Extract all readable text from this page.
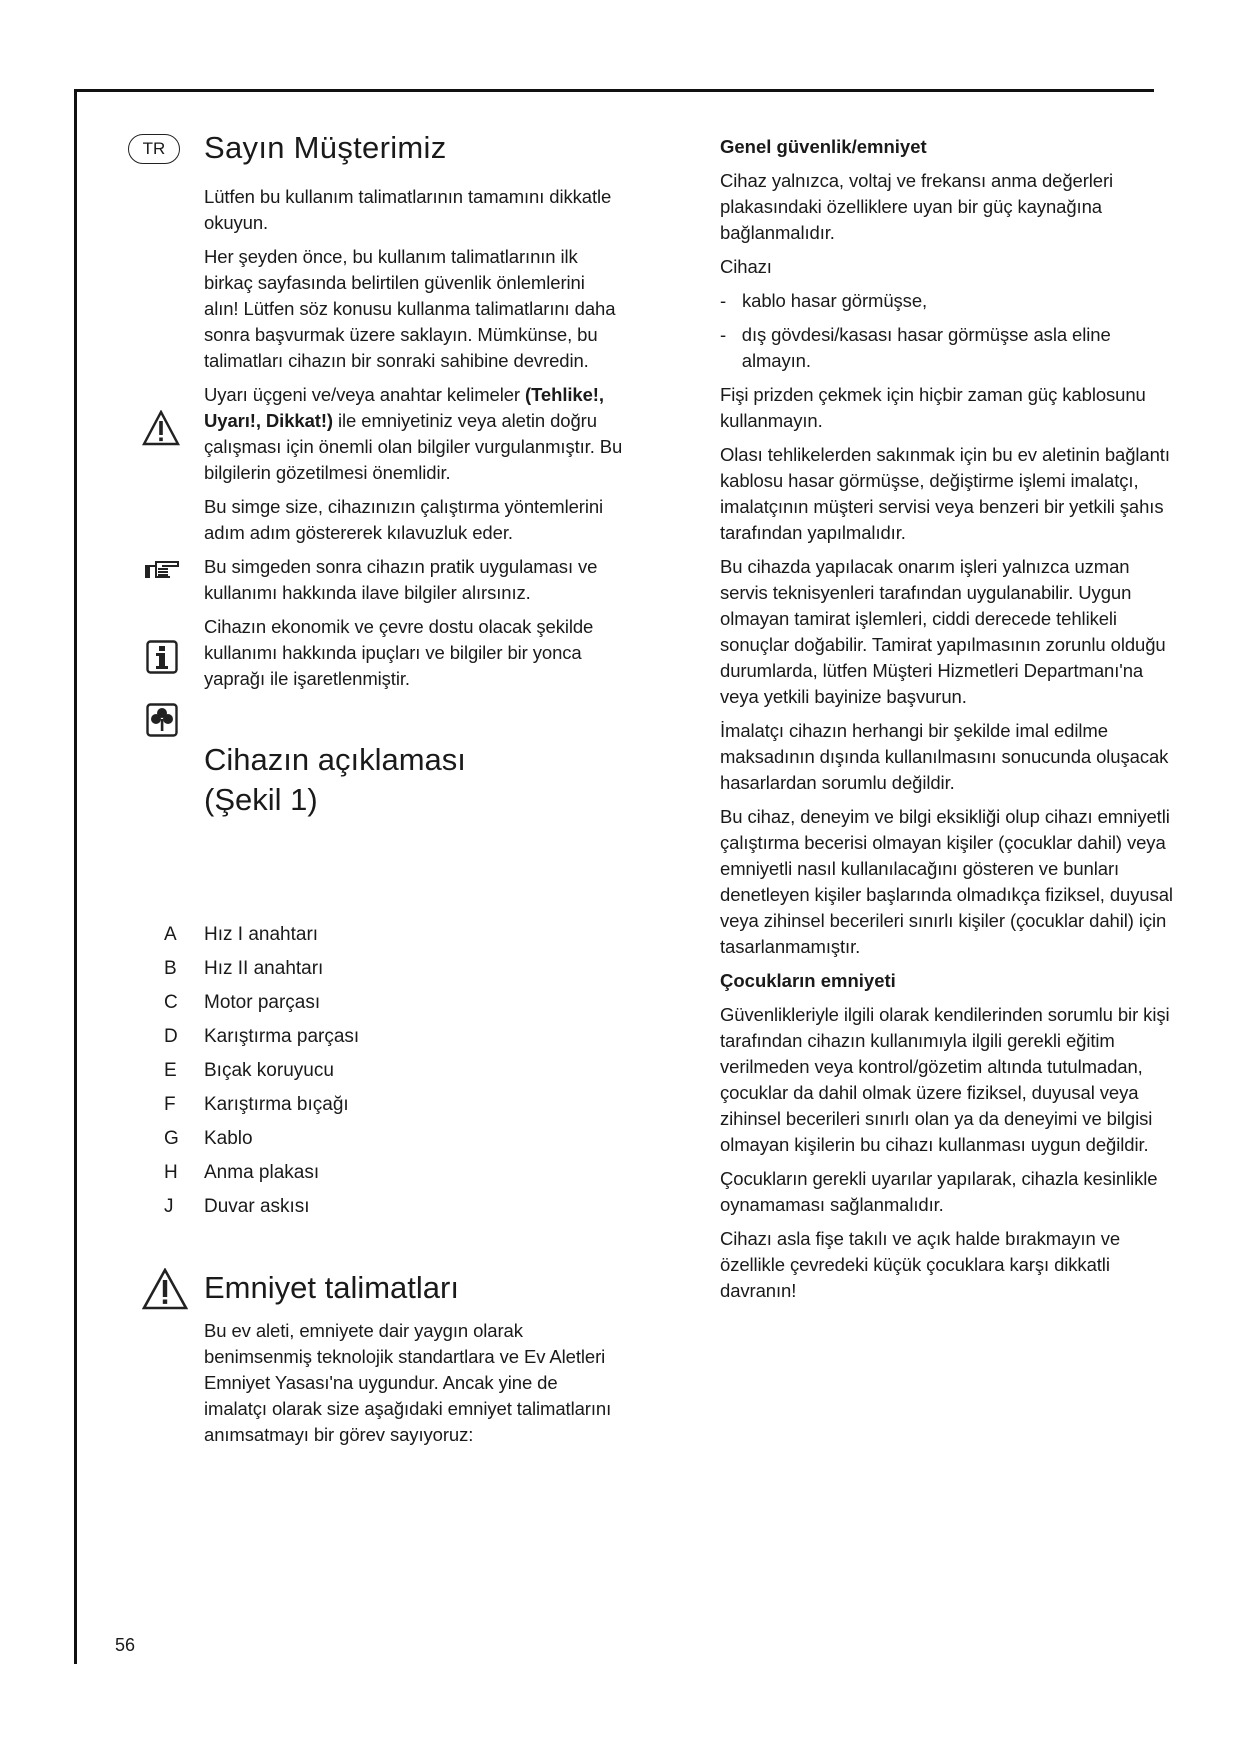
TR	Sayın Müşterimiz

Lütfen bu kullanım talimatlarının tamamını dikkatle okuyun.

Her şeyden önce, bu kullanım talimatlarının ilk birkaç sayfasında belirtilen güvenlik önlemlerini alın! Lütfen söz konusu kullanma talimatlarını daha sonra başvurmak üzere saklayın. Mümkünse, bu talimatları cihazın bir sonraki sahibine devredin.

Uyarı üçgeni ve/veya anahtar kelimeler (Tehlike!, Uyarı!, Dikkat!) ile emniyetiniz veya aletin doğru çalışması için önemli olan bilgiler vurgulanmıştır. Bu bilgilerin gözetilmesi önemlidir.

Bu simge size, cihazınızın çalıştırma yöntemlerini adım adım göstererek kılavuzluk eder.

Bu simgeden sonra cihazın pratik uygulaması ve kullanımı hakkında ilave bilgiler alırsınız.

Cihazın ekonomik ve çevre dostu olacak şekilde kullanımı hakkında ipuçları ve bilgiler bir yonca yaprağı ile işaretlenmiştir.

Cihazın açıklaması
(Şekil 1)
A	Hız I anahtarı
B	Hız II anahtarı
C	Motor parçası
D	Karıştırma parçası
E	Bıçak koruyucu
F	Karıştırma bıçağı
G	Kablo
H	Anma plakası
J	Duvar askısı
Emniyet talimatları

Bu ev aleti, emniyete dair yaygın olarak benimsenmiş teknolojik standartlara ve Ev Aletleri Emniyet Yasası'na uygundur. Ancak yine de imalatçı olarak size aşağıdaki emniyet talimatlarını anımsatmayı bir görev sayıyoruz:

Genel güvenlik/emniyet

Cihaz yalnızca, voltaj ve frekansı anma değerleri plakasındaki özelliklere uyan bir güç kaynağına bağlanmalıdır.

Cihazı

- kablo hasar görmüşse,
- dış gövdesi/kasası hasar görmüşse asla eline almayın.

Fişi prizden çekmek için hiçbir zaman güç kablosunu kullanmayın.

Olası tehlikelerden sakınmak için bu ev aletinin bağlantı kablosu hasar görmüşse, değiştirme işlemi imalatçı, imalatçının müşteri servisi veya benzeri bir yetkili şahıs tarafından yapılmalıdır.

Bu cihazda yapılacak onarım işleri yalnızca uzman servis teknisyenleri tarafından uygulanabilir. Uygun olmayan tamirat işlemleri, ciddi derecede tehlikeli sonuçlar doğabilir. Tamirat yapılmasının zorunlu olduğu durumlarda, lütfen Müşteri Hizmetleri Departmanı'na veya yetkili bayinize başvurun.

İmalatçı cihazın herhangi bir şekilde imal edilme maksadının dışında kullanılmasını sonucunda oluşacak hasarlardan sorumlu değildir.

Bu cihaz, deneyim ve bilgi eksikliği olup cihazı emniyetli çalıştırma becerisi olmayan kişiler (çocuklar dahil) veya emniyetli nasıl kullanılacağını gösteren ve bunları denetleyen kişiler başlarında olmadıkça fiziksel, duyusal veya zihinsel becerileri sınırlı kişiler (çocuklar dahil) için tasarlanmamıştır.

Çocukların emniyeti

Güvenlikleriyle ilgili olarak kendilerinden sorumlu bir kişi tarafından cihazın kullanımıyla ilgili gerekli eğitim verilmeden veya kontrol/gözetim altında tutulmadan, çocuklar da dahil olmak üzere fiziksel, duyusal veya zihinsel becerileri sınırlı olan ya da deneyimi ve bilgisi olmayan kişilerin bu cihazı kullanması uygun değildir.

Çocukların gerekli uyarılar yapılarak, cihazla kesinlikle oynamaması sağlanmalıdır.

Cihazı asla fişe takılı ve açık halde bırakmayın ve özellikle çevredeki küçük çocuklara karşı dikkatli davranın!

56
